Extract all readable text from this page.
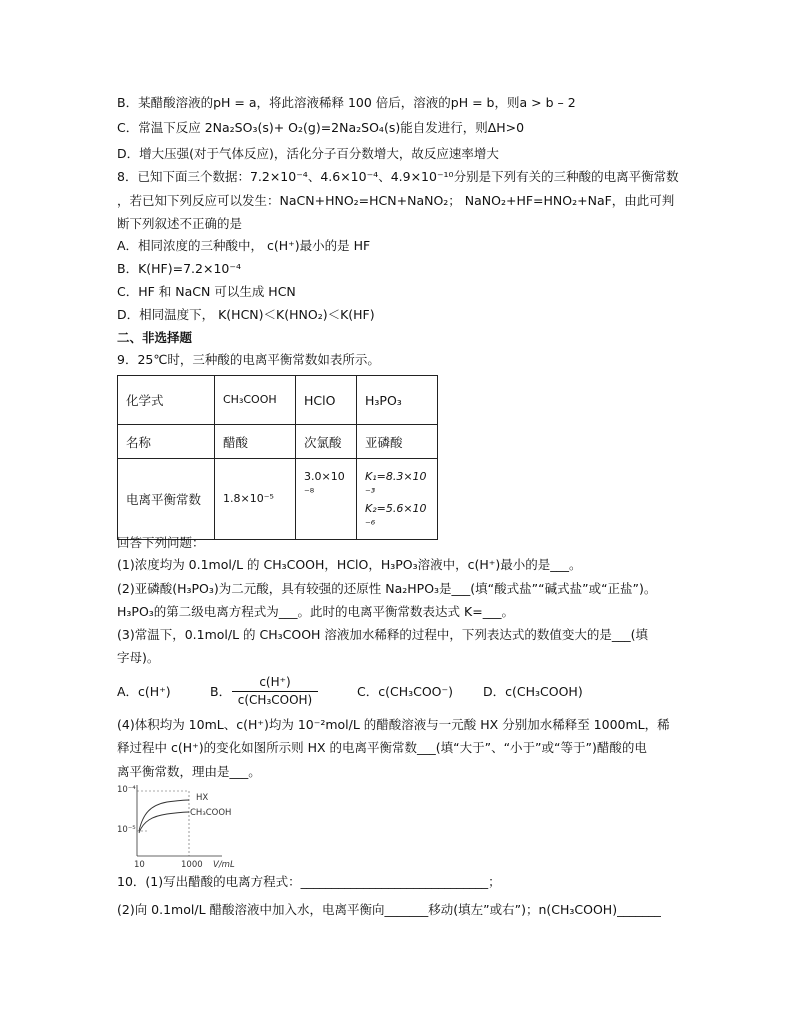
B．某醋酸溶液的pH = a，将此溶液稀释 100 倍后，溶液的pH = b，则a > b – 2
C．常温下反应 2Na₂SO₃(s)+ O₂(g)=2Na₂SO₄(s)能自发进行，则ΔH>0
D．增大压强(对于气体反应)，活化分子百分数增大，故反应速率增大
8．已知下面三个数据：7.2×10⁻⁴、4.6×10⁻⁴、4.9×10⁻¹⁰分别是下列有关的三种酸的电离平衡常数
，若已知下列反应可以发生：NaCN+HNO₂=HCN+NaNO₂； NaNO₂+HF=HNO₂+NaF，由此可判
断下列叙述不正确的是
A．相同浓度的三种酸中， c(H⁺)最小的是 HF
B．K(HF)=7.2×10⁻⁴
C．HF 和 NaCN 可以生成 HCN
D．相同温度下， K(HCN)＜K(HNO₂)＜K(HF)
二、非选择题
9．25℃时，三种酸的电离平衡常数如表所示。
化学式	CH₃COOH	HClO	H₃PO₃
名称	醋酸	次氯酸	亚磷酸
电离平衡常数	1.8×10⁻⁵	3.0×10⁻⁸	K₁=8.3×10⁻³
K₂=5.6×10⁻⁶
回答下列问题：
(1)浓度均为 0.1mol/L 的 CH₃COOH，HClO，H₃PO₃溶液中，c(H⁺)最小的是___。
(2)亚磷酸(H₃PO₃)为二元酸，具有较强的还原性 Na₂HPO₃是___(填“酸式盐”“碱式盐”或“正盐”)。
H₃PO₃的第二级电离方程式为___。此时的电离平衡常数表达式 K=___。
(3)常温下，0.1mol/L 的 CH₃COOH 溶液加水稀释的过程中，下列表达式的数值变大的是___(填
字母)。
A．c(H⁺)	B．
c(H⁺)
c(CH₃COOH)
C．c(CH₃COO⁻) D．c(CH₃COOH)
(4)体积均为 10mL、c(H⁺)均为 10⁻²mol/L 的醋酸溶液与一元酸 HX 分别加水稀释至 1000mL，稀
释过程中 c(H⁺)的变化如图所示则 HX 的电离平衡常数___(填“大于”、“小于”或“等于”)醋酸的电
离平衡常数，理由是___。
10⁻⁴
10⁻⁵
HX
CH₃COOH
10	1000 V/mL
10．(1)写出醋酸的电离方程式：______________________________；
(2)向 0.1mol/L 醋酸溶液中加入水，电离平衡向_______移动(填左”或右”)；n(CH₃COOH)_______
